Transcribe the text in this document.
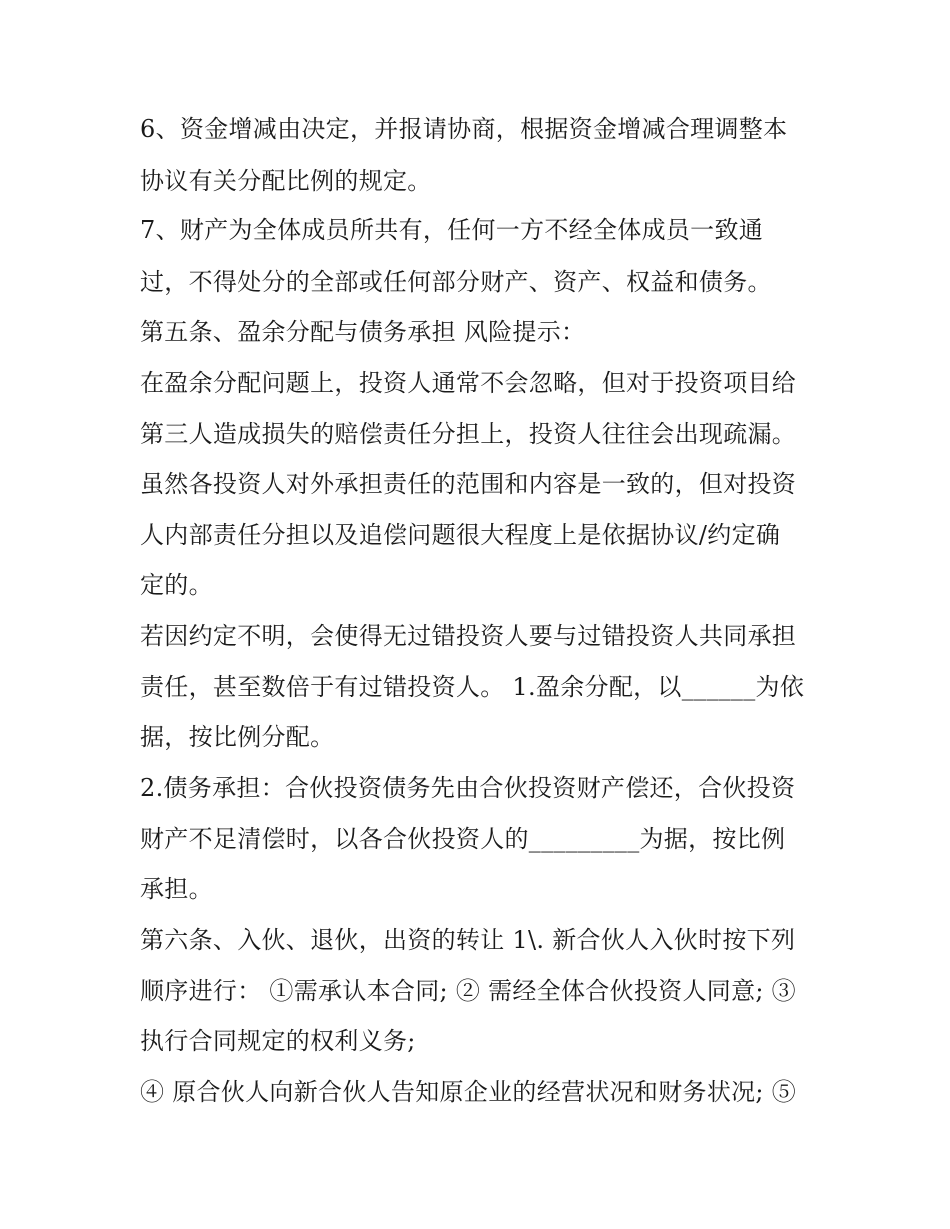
6、资金增减由决定，并报请协商，根据资金增减合理调整本
协议有关分配比例的规定。
7、财产为全体成员所共有，任何一方不经全体成员一致通
过，不得处分的全部或任何部分财产、资产、权益和债务。
第五条、盈余分配与债务承担 风险提示：
在盈余分配问题上，投资人通常不会忽略，但对于投资项目给
第三人造成损失的赔偿责任分担上，投资人往往会出现疏漏。
虽然各投资人对外承担责任的范围和内容是一致的，但对投资
人内部责任分担以及追偿问题很大程度上是依据协议/约定确
定的。
若因约定不明，会使得无过错投资人要与过错投资人共同承担
责任，甚至数倍于有过错投资人。 1.盈余分配，以______为依
据，按比例分配。
2.债务承担：合伙投资债务先由合伙投资财产偿还，合伙投资
财产不足清偿时，以各合伙投资人的_________为据，按比例
承担。
第六条、入伙、退伙，出资的转让 1\. 新合伙人入伙时按下列
顺序进行： ①需承认本合同; ② 需经全体合伙投资人同意; ③
执行合同规定的权利义务;
④ 原合伙人向新合伙人告知原企业的经营状况和财务状况; ⑤
